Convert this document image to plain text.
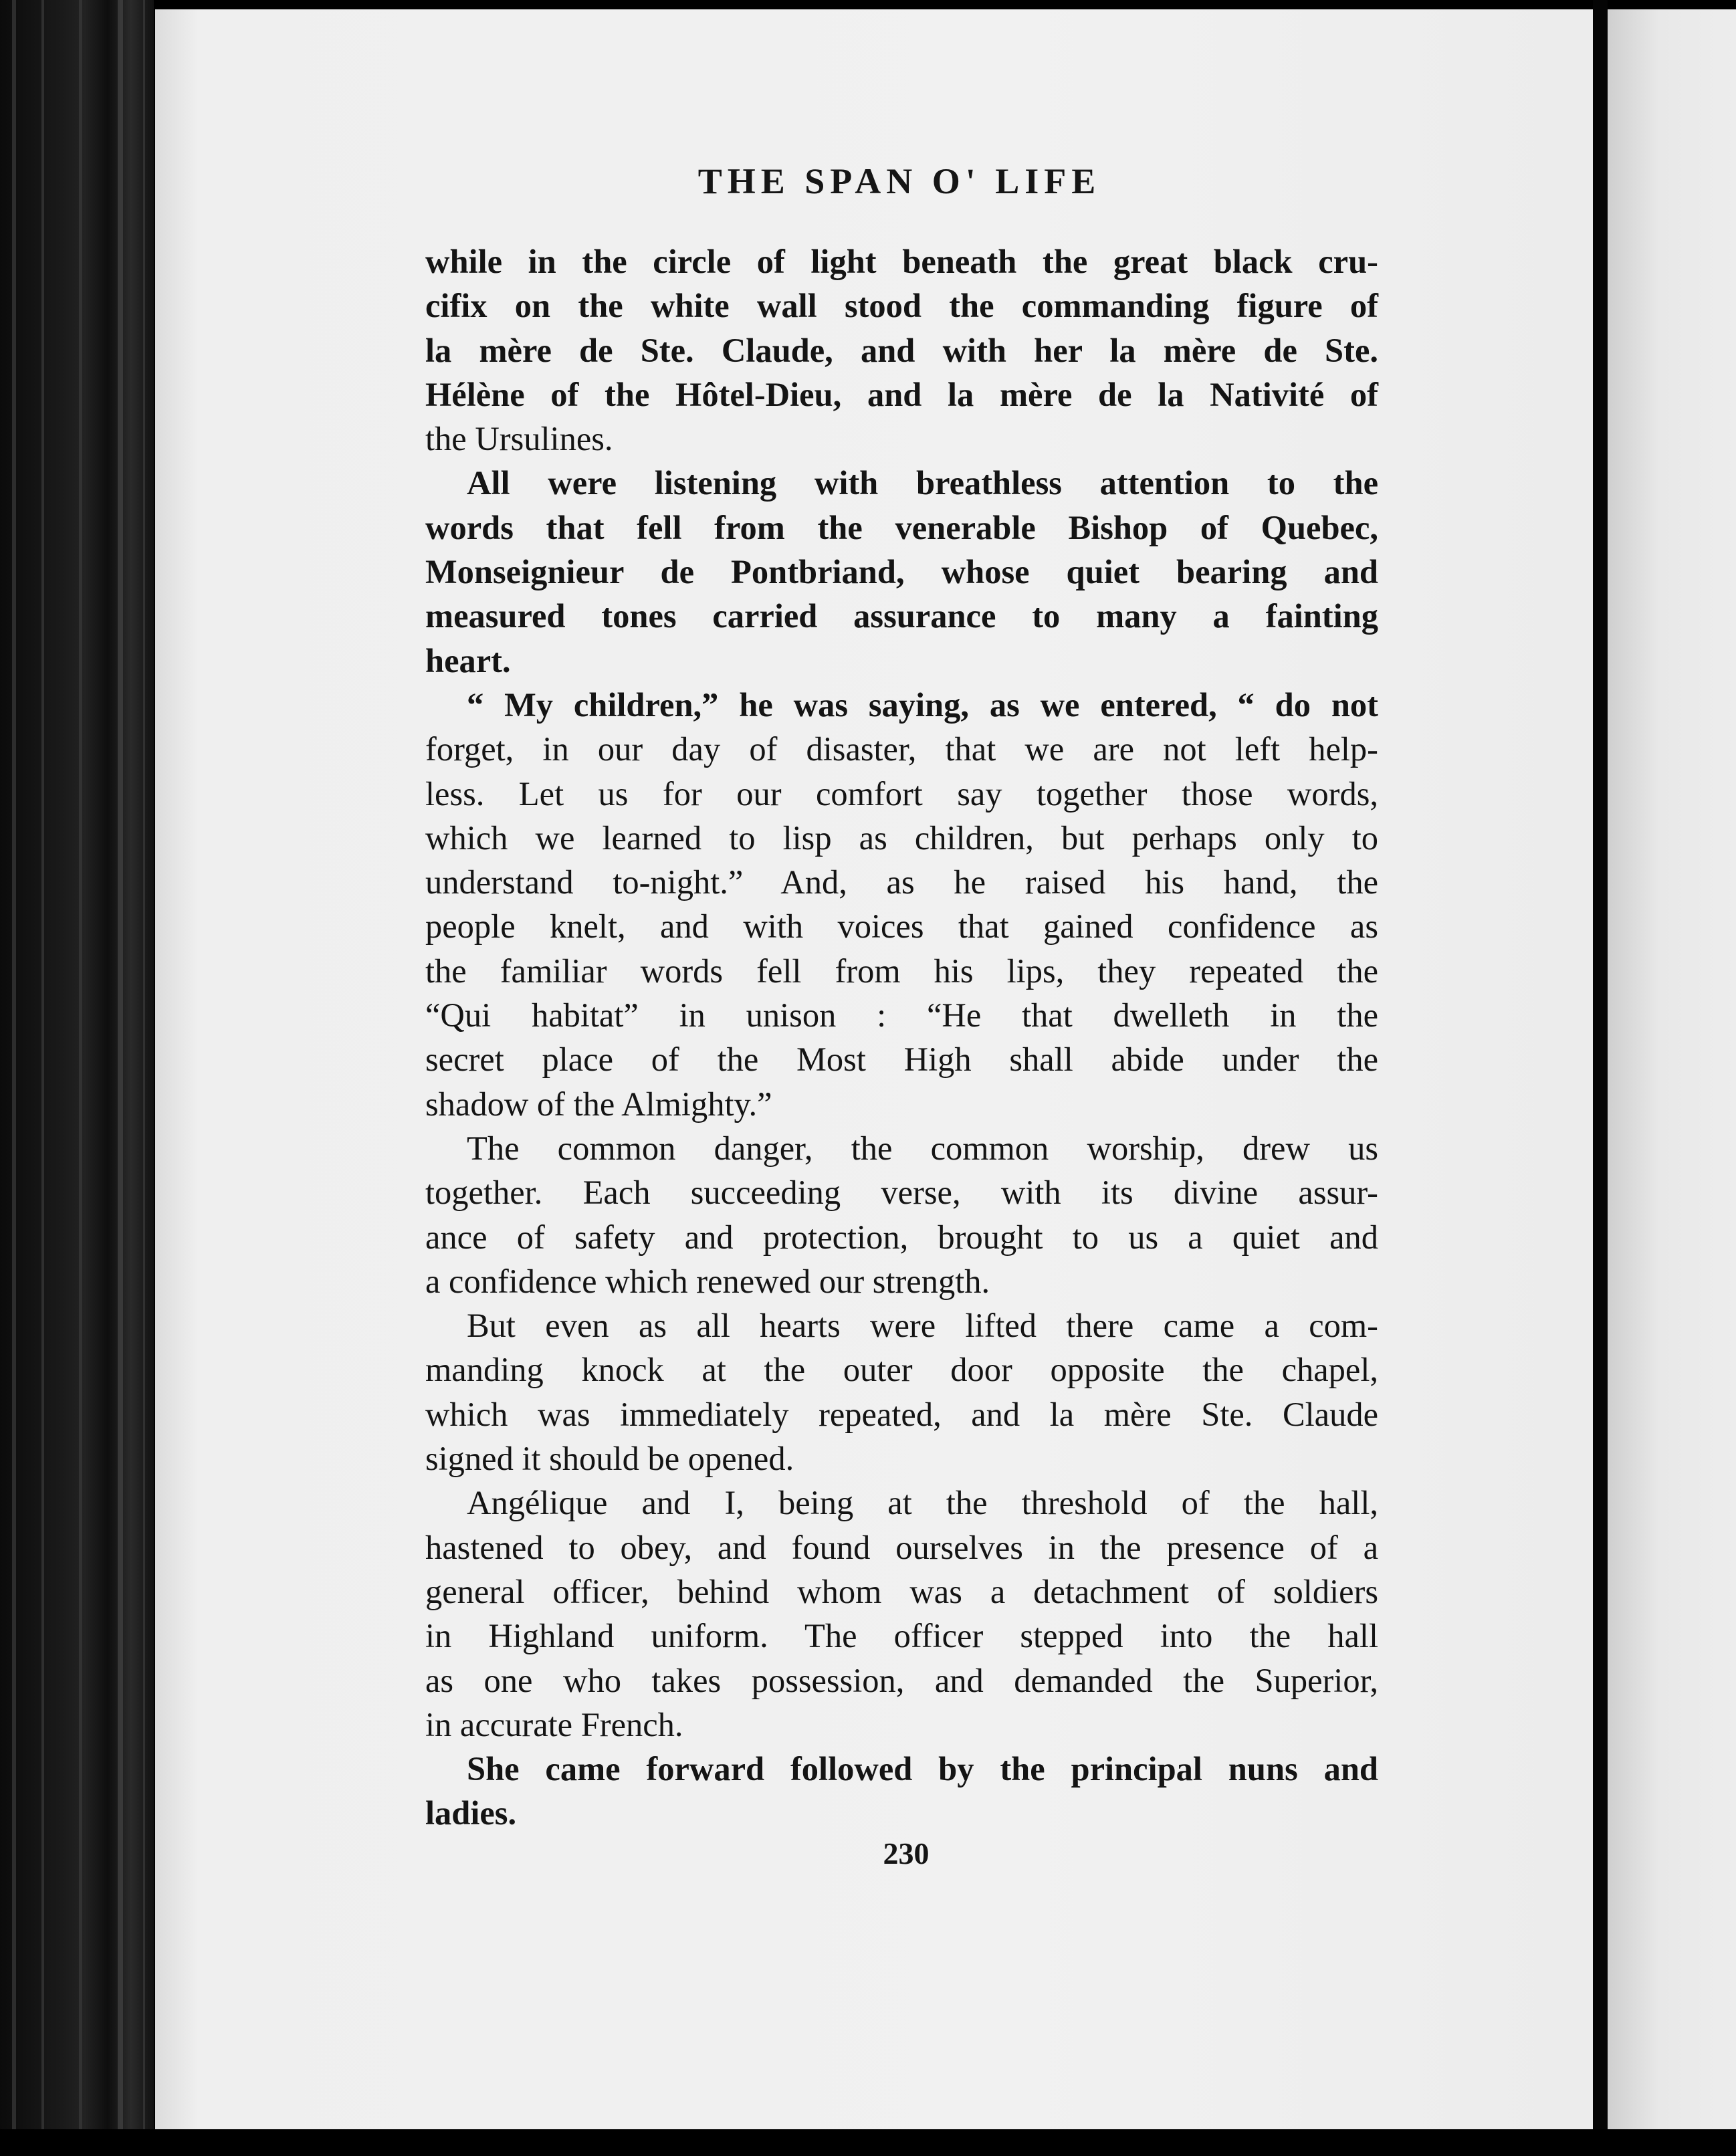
THE SPAN O' LIFE
while in the circle of light beneath the great black cru-
cifix on the white wall stood the commanding figure of
la mère de Ste. Claude, and with her la mère de Ste.
Hélène of the Hôtel-Dieu, and la mère de la Nativité of
the Ursulines.
All were listening with breathless attention to the
words that fell from the venerable Bishop of Quebec,
Monseignieur de Pontbriand, whose quiet bearing and
measured tones carried assurance to many a fainting
heart.
“ My children,” he was saying, as we entered, “ do not
forget, in our day of disaster, that we are not left help-
less. Let us for our comfort say together those words,
which we learned to lisp as children, but perhaps only to
understand to-night.” And, as he raised his hand, the
people knelt, and with voices that gained confidence as
the familiar words fell from his lips, they repeated the
“Qui habitat” in unison : “He that dwelleth in the
secret place of the Most High shall abide under the
shadow of the Almighty.”
The common danger, the common worship, drew us
together. Each succeeding verse, with its divine assur-
ance of safety and protection, brought to us a quiet and
a confidence which renewed our strength.
But even as all hearts were lifted there came a com-
manding knock at the outer door opposite the chapel,
which was immediately repeated, and la mère Ste. Claude
signed it should be opened.
Angélique and I, being at the threshold of the hall,
hastened to obey, and found ourselves in the presence of a
general officer, behind whom was a detachment of soldiers
in Highland uniform. The officer stepped into the hall
as one who takes possession, and demanded the Superior,
in accurate French.
She came forward followed by the principal nuns and
ladies.
230
